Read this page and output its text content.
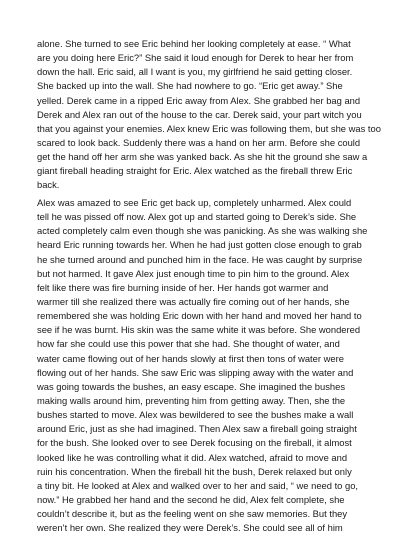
alone. She turned to see Eric behind her looking completely at ease. “ What
are you doing here Eric?” She said it loud enough for Derek to hear her from
down the hall. Eric said, all I want is you, my girlfriend he said getting closer.
She backed up into the wall. She had nowhere to go. “Eric get away.” She
yelled. Derek came in a ripped Eric away from Alex. She grabbed her bag and
Derek and Alex ran out of the house to the car. Derek said, your part witch you
that you against your enemies. Alex knew Eric was following them, but she was too
scared to look back. Suddenly there was a hand on her arm. Before she could
get the hand off her arm she was yanked back. As she hit the ground she saw a
giant fireball heading straight for Eric. Alex watched as the fireball threw Eric
back.
Alex was amazed to see Eric get back up, completely unharmed. Alex could
tell he was pissed off now. Alex got up and started going to Derek’s side. She
acted completely calm even though she was panicking. As she was walking she
heard Eric running towards her. When he had just gotten close enough to grab
he she turned around and punched him in the face. He was caught by surprise
but not harmed. It gave Alex just enough time to pin him to the ground. Alex
felt like there was fire burning inside of her. Her hands got warmer and
warmer till she realized there was actually fire coming out of her hands, she
remembered she was holding Eric down with her hand and moved her hand to
see if he was burnt. His skin was the same white it was before. She wondered
how far she could use this power that she had. She thought of water, and
water came flowing out of her hands slowly at first then tons of water were
flowing out of her hands. She saw Eric was slipping away with the water and
was going towards the bushes, an easy escape. She imagined the bushes
making walls around him, preventing him from getting away. Then, she the
bushes started to move. Alex was bewildered to see the bushes make a wall
around Eric, just as she had imagined. Then Alex saw a fireball going straight
for the bush. She looked over to see Derek focusing on the fireball, it almost
looked like he was controlling what it did. Alex watched, afraid to move and
ruin his concentration. When the fireball hit the bush, Derek relaxed but only
a tiny bit. He looked at Alex and walked over to her and said, “ we need to go,
now.” He grabbed her hand and the second he did, Alex felt complete, she
couldn’t describe it, but as the feeling went on she saw memories. But they
weren’t her own. She realized they were Derek’s. She could see all of him
